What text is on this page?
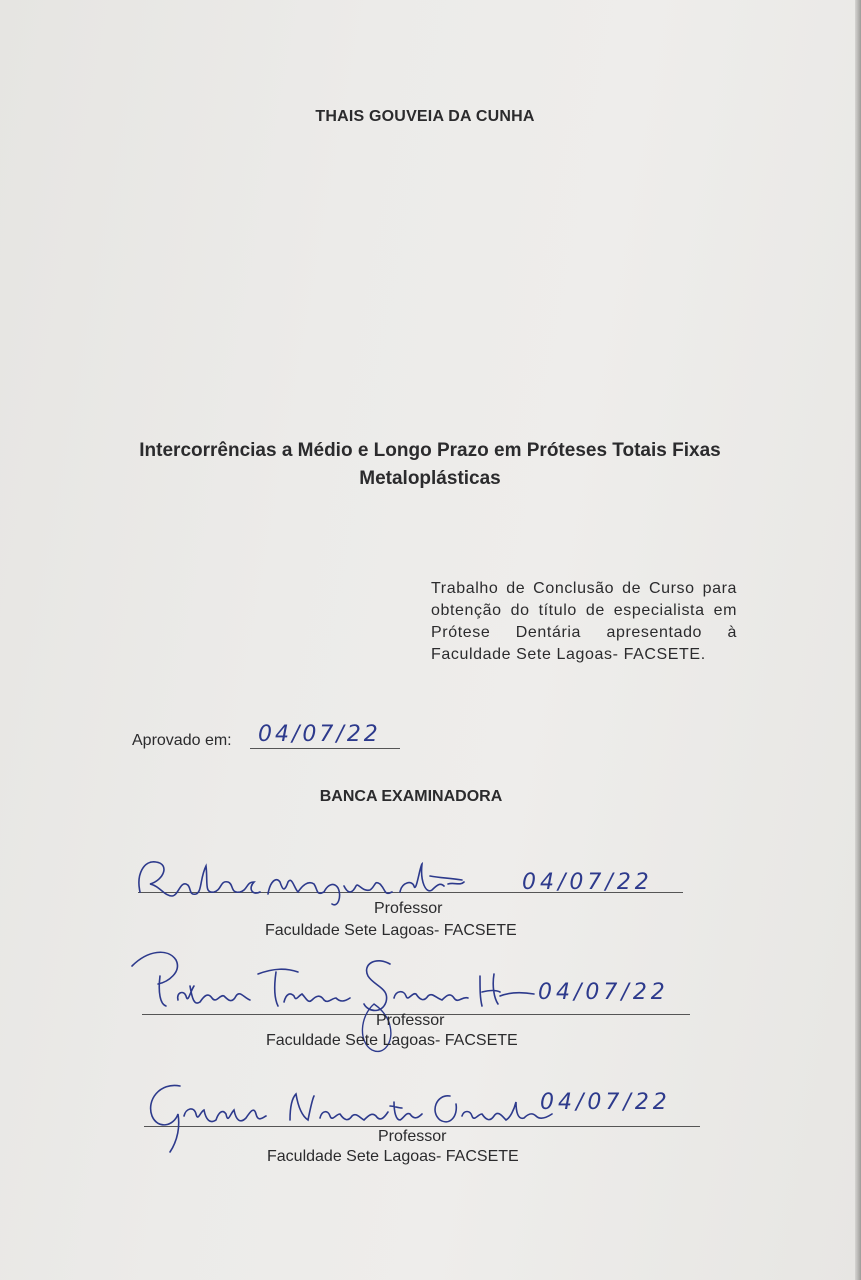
THAIS GOUVEIA DA CUNHA
Intercorrências a Médio e Longo Prazo em Próteses Totais Fixas Metaloplásticas
Trabalho de Conclusão de Curso para obtenção do título de especialista em Prótese Dentária apresentado à Faculdade Sete Lagoas- FACSETE.
Aprovado em: 04/07/22
BANCA EXAMINADORA
04/07/22
Professor
Faculdade Sete Lagoas- FACSETE
04/07/22
Professor
Faculdade Sete Lagoas- FACSETE
04/07/22
Professor
Faculdade Sete Lagoas- FACSETE
